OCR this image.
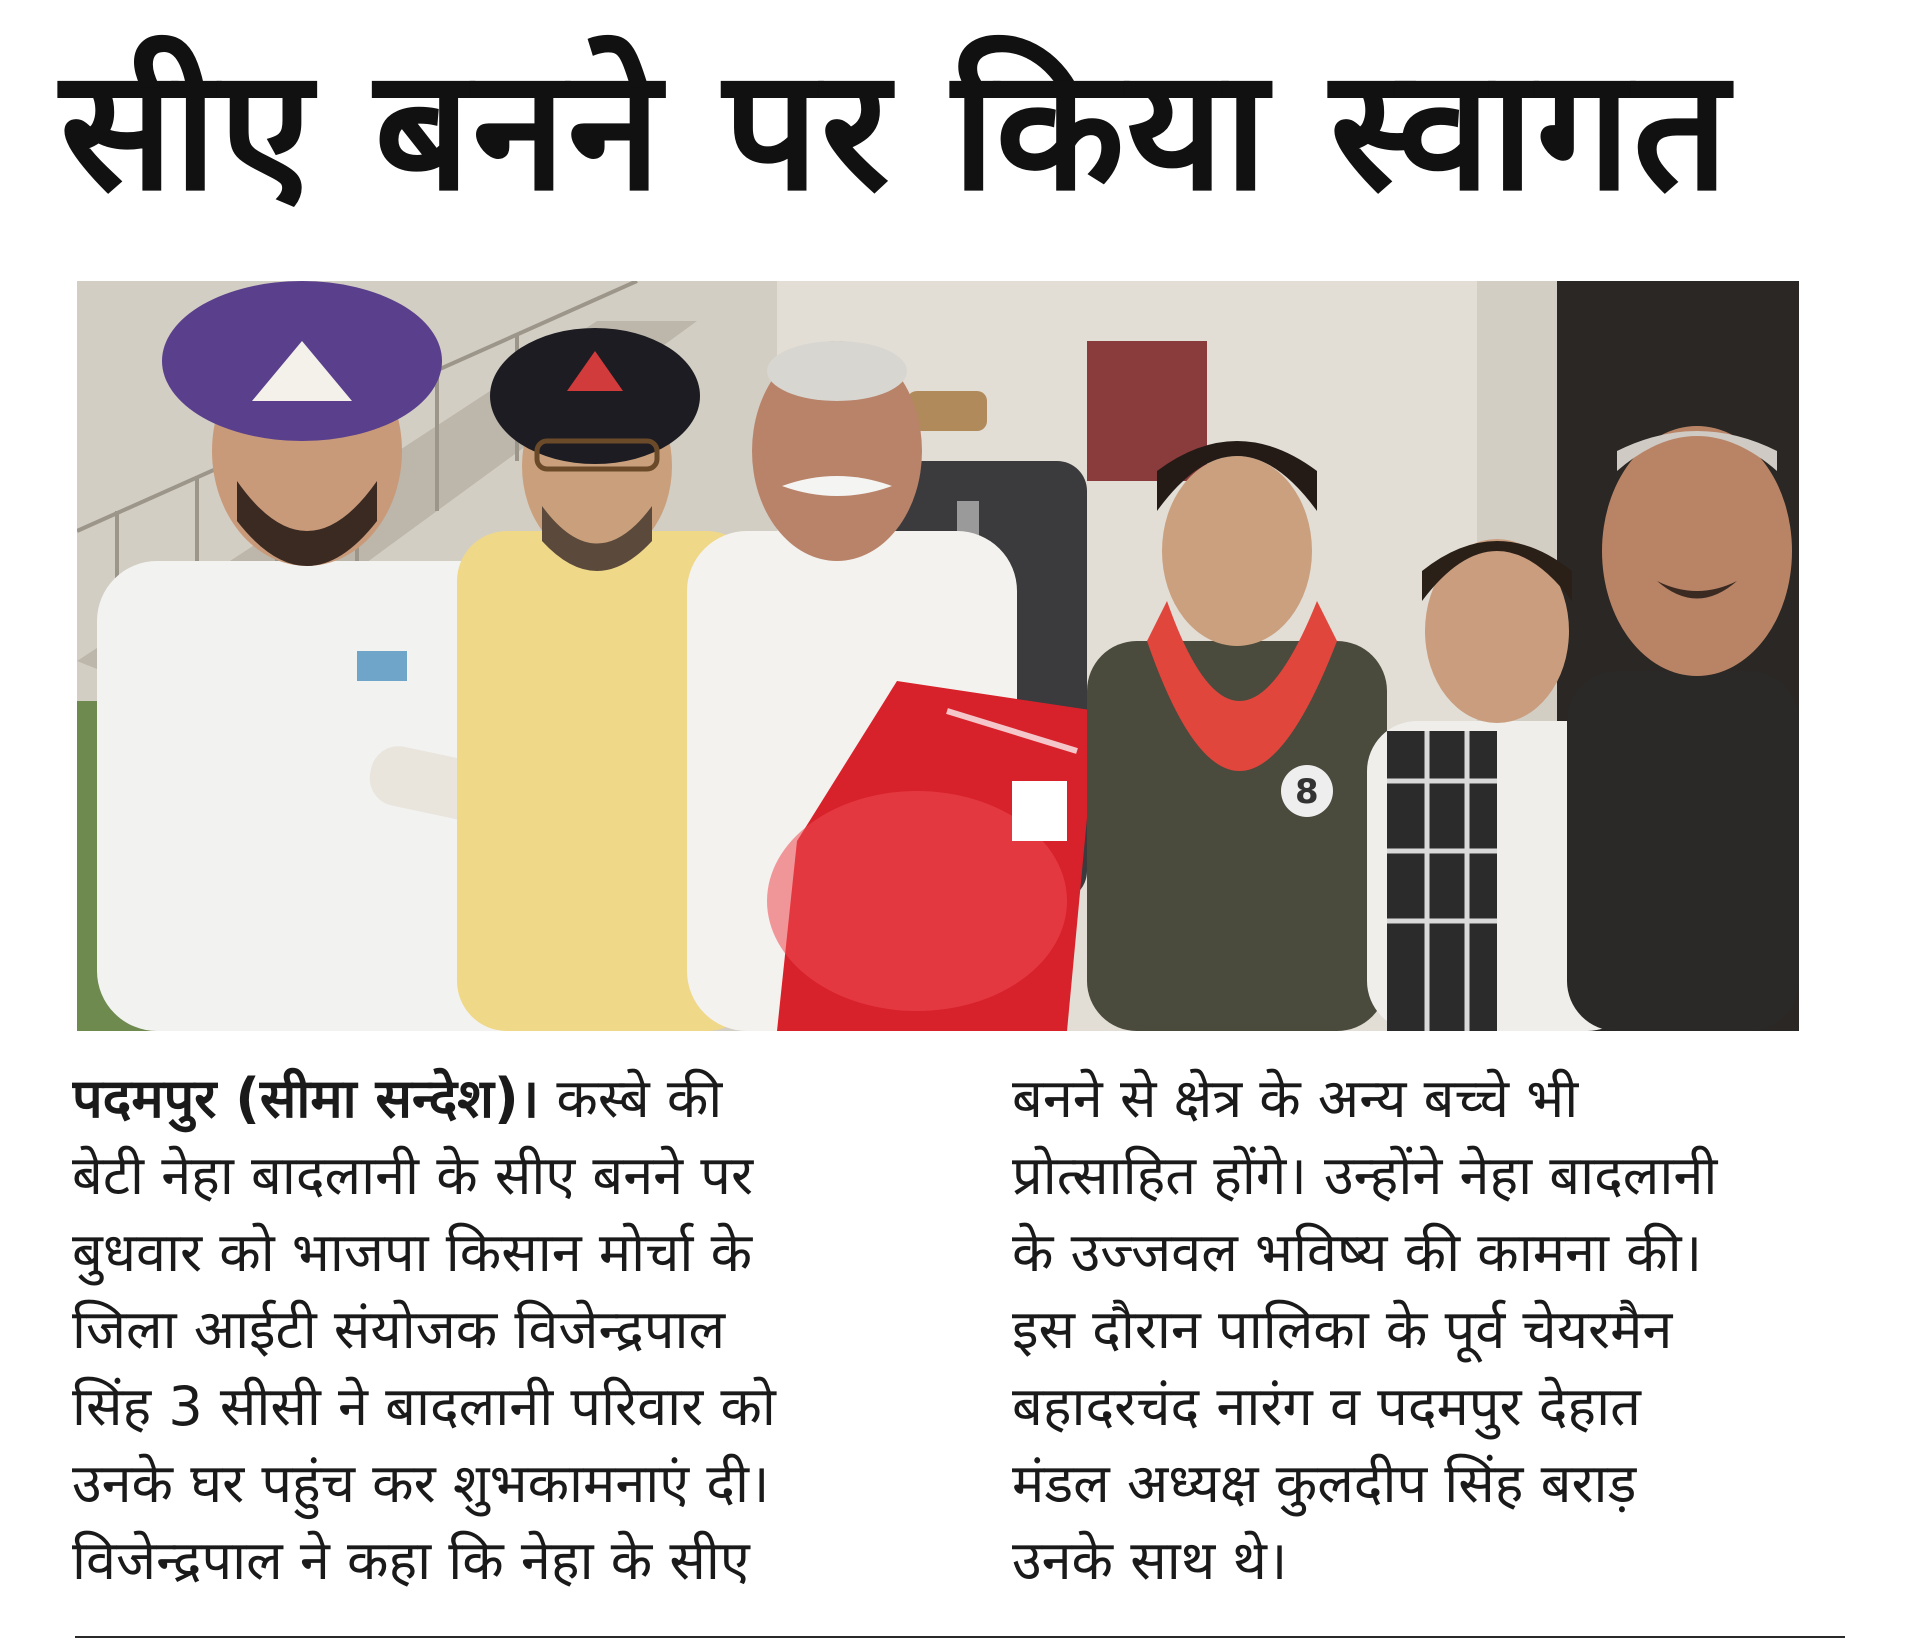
सीए बनने पर किया स्वागत
8
पदमपुर (सीमा सन्देश)। कस्बे की
बेटी नेहा बादलानी के सीए बनने पर
बुधवार को भाजपा किसान मोर्चा के
जिला आईटी संयोजक विजेन्द्रपाल
सिंह 3 सीसी ने बादलानी परिवार को
उनके घर पहुंच कर शुभकामनाएं दी।
विजेन्द्रपाल ने कहा कि नेहा के सीए
बनने से क्षेत्र के अन्य बच्चे भी
प्रोत्साहित होंगे। उन्होंने नेहा बादलानी
के उज्जवल भविष्य की कामना की।
इस दौरान पालिका के पूर्व चेयरमैन
बहादरचंद नारंग व पदमपुर देहात
मंडल अध्यक्ष कुलदीप सिंह बराड़
उनके साथ थे।
